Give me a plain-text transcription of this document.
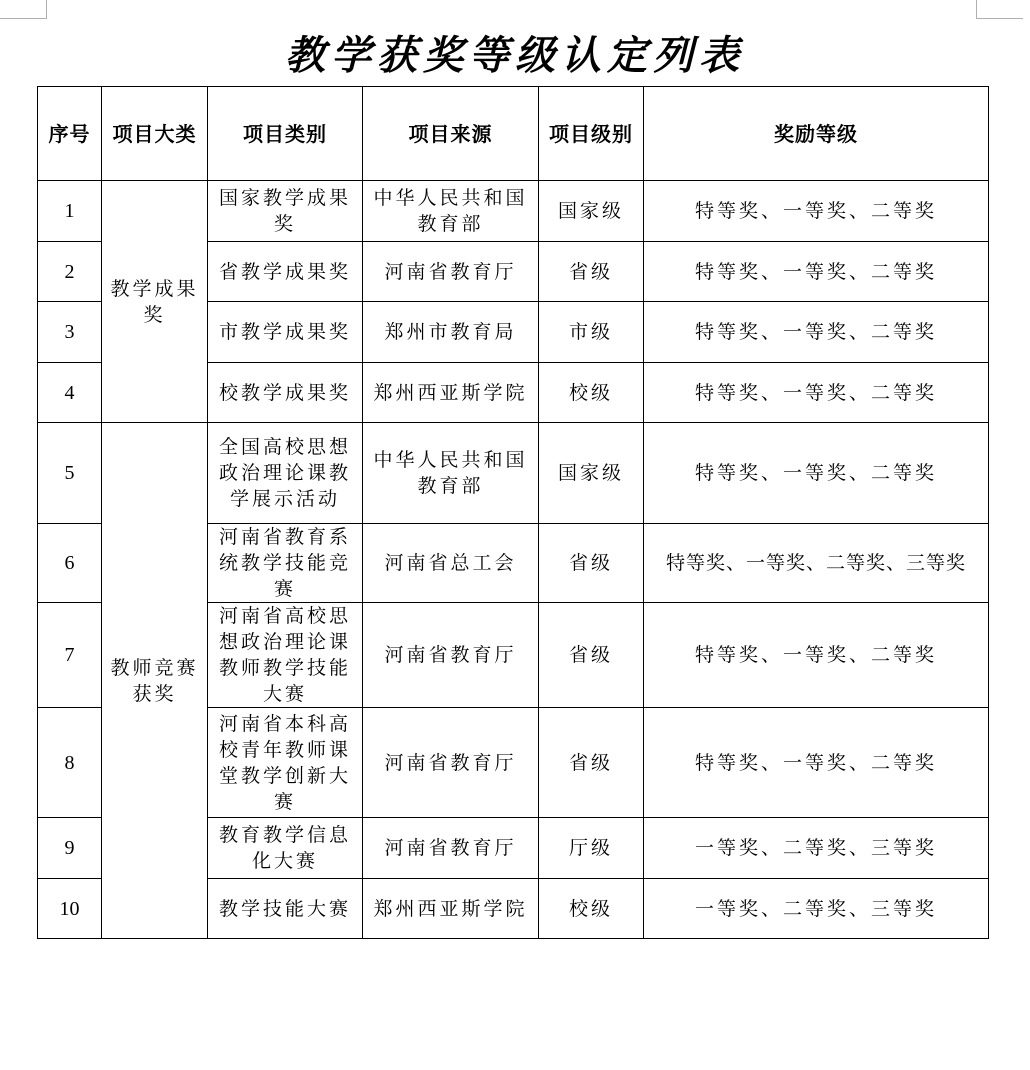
教学获奖等级认定列表
序号	项目大类	项目类别	项目来源	项目级别	奖励等级
1	教学成果奖	国家教学成果奖	中华人民共和国教育部	国家级	特等奖、一等奖、二等奖
2		省教学成果奖	河南省教育厅	省级	特等奖、一等奖、二等奖
3		市教学成果奖	郑州市教育局	市级	特等奖、一等奖、二等奖
4		校教学成果奖	郑州西亚斯学院	校级	特等奖、一等奖、二等奖
5	教师竞赛获奖	全国高校思想政治理论课教学展示活动	中华人民共和国教育部	国家级	特等奖、一等奖、二等奖
6		河南省教育系统教学技能竞赛	河南省总工会	省级	特等奖、一等奖、二等奖、三等奖
7		河南省高校思想政治理论课教师教学技能大赛	河南省教育厅	省级	特等奖、一等奖、二等奖
8		河南省本科高校青年教师课堂教学创新大赛	河南省教育厅	省级	特等奖、一等奖、二等奖
9		教育教学信息化大赛	河南省教育厅	厅级	一等奖、二等奖、三等奖
10		教学技能大赛	郑州西亚斯学院	校级	一等奖、二等奖、三等奖
